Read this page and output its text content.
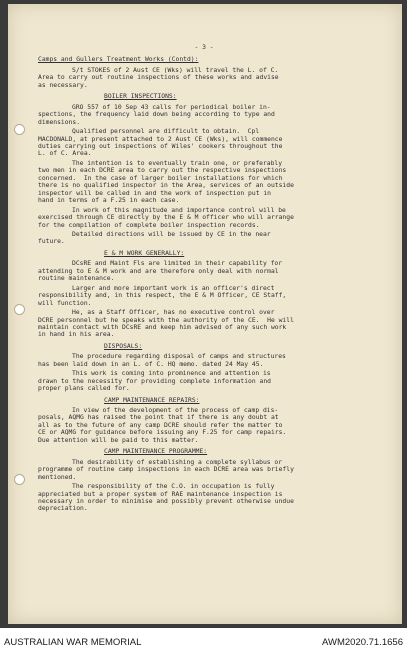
- 3 -
Camps and Gullers Treatment Works (Contd):
S/t STOKES of 2 Aust CE (Wks) will travel the L. of C.
Area to carry out routine inspections of these works and advise
as necessary.
BOILER INSPECTIONS:
GRO 557 of 10 Sep 43 calls for periodical boiler in-
spections, the frequency laid down being according to type and
dimensions.
Qualified personnel are difficult to obtain.  Cpl
MACDONALD, at present attached to 2 Aust CE (Wks), will commence
duties carrying out inspections of Wiles' cookers throughout the
L. of C. Area.
The intention is to eventually train one, or preferably
two men in each DCRE area to carry out the respective inspections
concerned.  In the case of larger boiler installations for which
there is no qualified inspector in the Area, services of an outside
inspector will be called in and the work of inspection put in
hand in terms of a F.25 in each case.
In work of this magnitude and importance control will be
exercised through CE directly by the E & M officer who will arrange
for the compilation of complete boiler inspection records.
Detailed directions will be issued by CE in the near
future.
E & M WORK GENERALLY:
DCsRE and Maint Fls are limited in their capability for
attending to E & M work and are therefore only deal with normal
routine maintenance.
Larger and more important work is an officer's direct
responsibility and, in this respect, the E & M Officer, CE Staff,
will function.
He, as a Staff Officer, has no executive control over
DCRE personnel but he speaks with the authority of the CE.  He will
maintain contact with DCsRE and keep him advised of any such work
in hand in his area.
DISPOSALS:
The procedure regarding disposal of camps and structures
has been laid down in an L. of C. HQ memo. dated 24 May 45.
This work is coming into prominence and attention is
drawn to the necessity for providing complete information and
proper plans called for.
CAMP MAINTENANCE REPAIRS:
In view of the development of the process of camp dis-
posals, AQMG has raised the point that if there is any doubt at
all as to the future of any camp DCRE should refer the matter to
CE or AQMG for guidance before issuing any F.25 for camp repairs.
Due attention will be paid to this matter.
CAMP MAINTENANCE PROGRAMME:
The desirability of establishing a complete syllabus or
programme of routine camp inspections in each DCRE area was briefly
mentioned.
The responsibility of the C.O. in occupation is fully
appreciated but a proper system of RAE maintenance inspection is
necessary in order to minimise and possibly prevent otherwise undue
depreciation.
AUSTRALIAN WAR MEMORIAL	AWM2020.71.1656
